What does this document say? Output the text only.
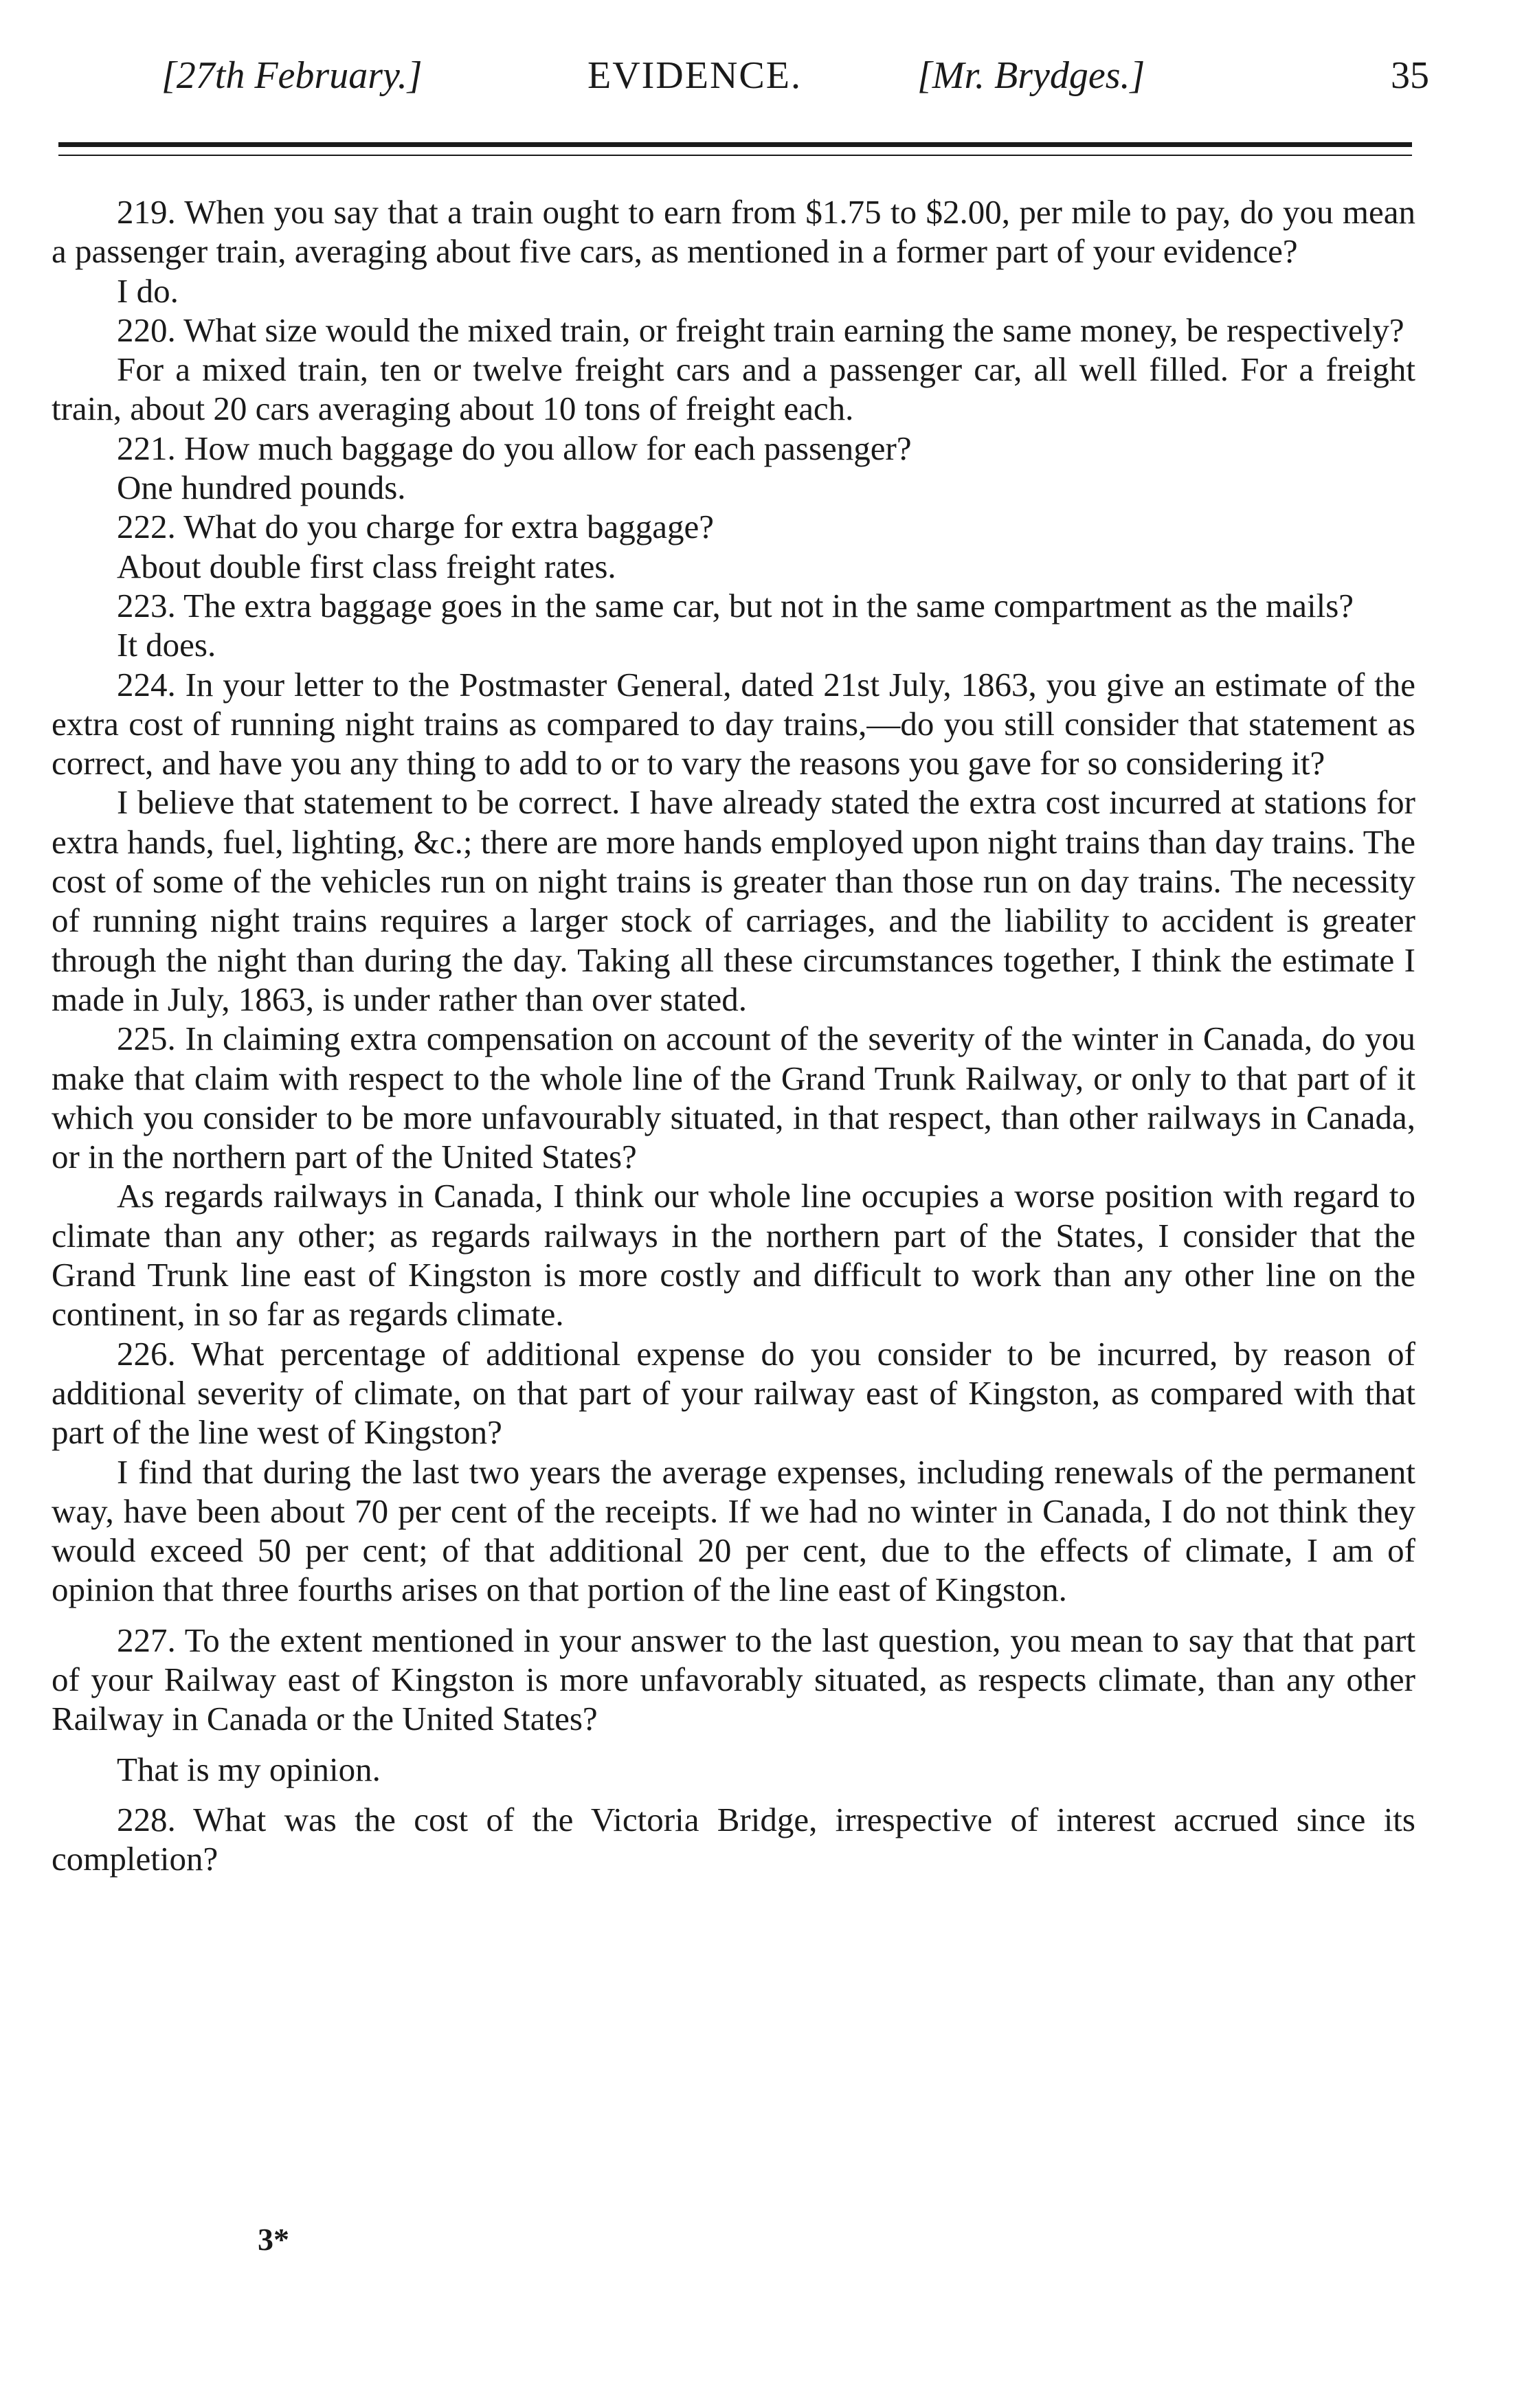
[27th February.]	EVIDENCE.	[Mr. Brydges.]	35

219. When you say that a train ought to earn from $1.75 to $2.00, per mile to pay, do you mean a passenger train, averaging about five cars, as mentioned in a former part of your evidence?

I do.

220. What size would the mixed train, or freight train earning the same money, be respectively?

For a mixed train, ten or twelve freight cars and a passenger car, all well filled. For a freight train, about 20 cars averaging about 10 tons of freight each.

221. How much baggage do you allow for each passenger?

One hundred pounds.

222. What do you charge for extra baggage?

About double first class freight rates.

223. The extra baggage goes in the same car, but not in the same compartment as the mails?

It does.

224. In your letter to the Postmaster General, dated 21st July, 1863, you give an estimate of the extra cost of running night trains as compared to day trains,—do you still consider that statement as correct, and have you any thing to add to or to vary the reasons you gave for so considering it?

I believe that statement to be correct. I have already stated the extra cost incurred at stations for extra hands, fuel, lighting, &c.; there are more hands employed upon night trains than day trains. The cost of some of the vehicles run on night trains is greater than those run on day trains. The necessity of running night trains requires a larger stock of carriages, and the liability to accident is greater through the night than during the day. Taking all these circumstances together, I think the estimate I made in July, 1863, is under rather than over stated.

225. In claiming extra compensation on account of the severity of the winter in Canada, do you make that claim with respect to the whole line of the Grand Trunk Railway, or only to that part of it which you consider to be more unfavourably situated, in that respect, than other railways in Canada, or in the northern part of the United States?

As regards railways in Canada, I think our whole line occupies a worse position with regard to climate than any other; as regards railways in the northern part of the States, I consider that the Grand Trunk line east of Kingston is more costly and difficult to work than any other line on the continent, in so far as regards climate.

226. What percentage of additional expense do you consider to be incurred, by reason of additional severity of climate, on that part of your railway east of Kingston, as compared with that part of the line west of Kingston?

I find that during the last two years the average expenses, including renewals of the permanent way, have been about 70 per cent of the receipts. If we had no winter in Canada, I do not think they would exceed 50 per cent; of that additional 20 per cent, due to the effects of climate, I am of opinion that three fourths arises on that portion of the line east of Kingston.

227. To the extent mentioned in your answer to the last question, you mean to say that that part of your Railway east of Kingston is more unfavorably situated, as respects climate, than any other Railway in Canada or the United States?

That is my opinion.

228. What was the cost of the Victoria Bridge, irrespective of interest accrued since its completion?

3*
